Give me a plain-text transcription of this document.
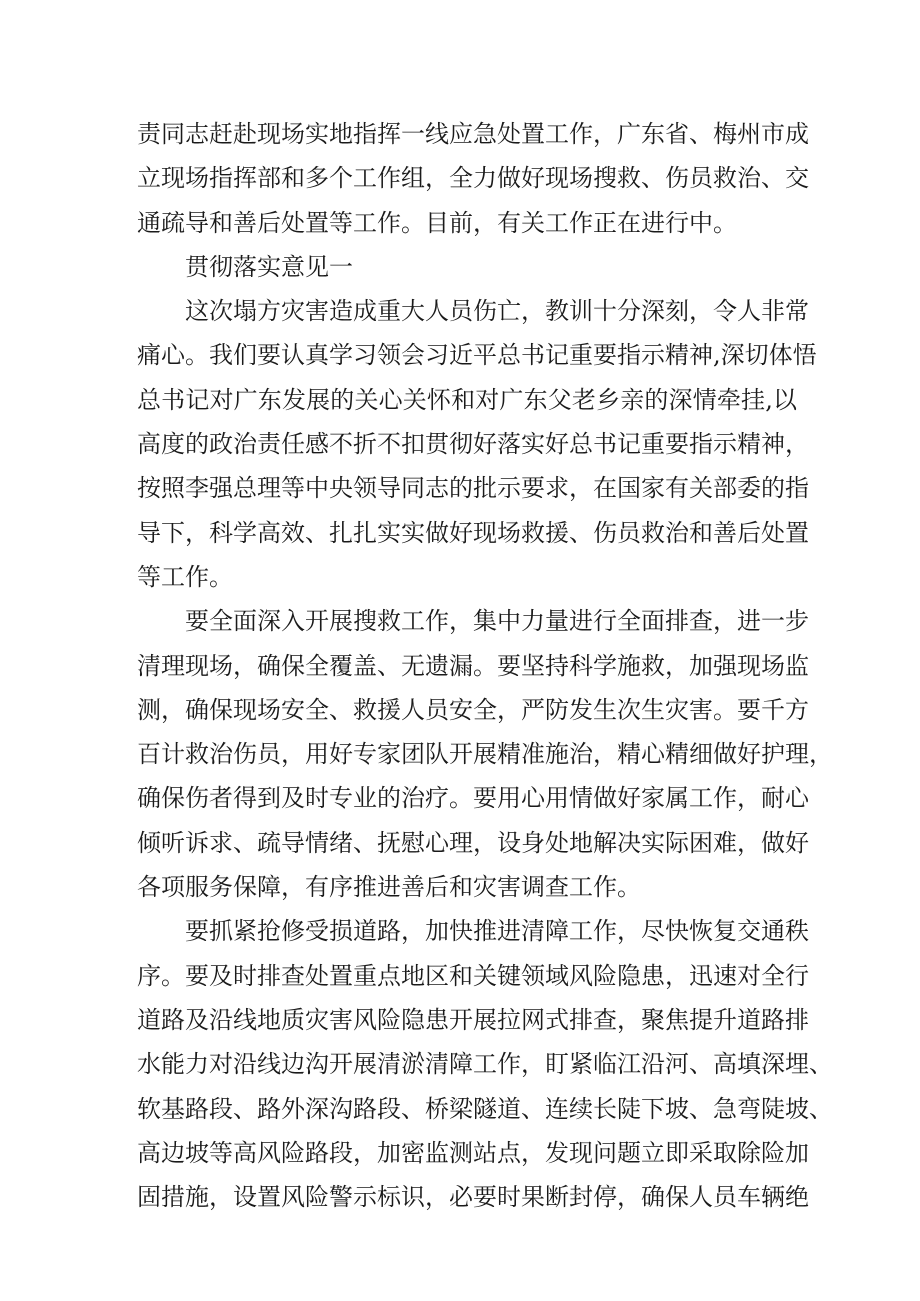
责同志赶赴现场实地指挥一线应急处置工作，广东省、梅州市成
立现场指挥部和多个工作组，全力做好现场搜救、伤员救治、交
通疏导和善后处置等工作。目前，有关工作正在进行中。
　　贯彻落实意见一
　　这次塌方灾害造成重大人员伤亡，教训十分深刻，令人非常
痛心。我们要认真学习领会习近平总书记重要指示精神,深切体悟
总书记对广东发展的关心关怀和对广东父老乡亲的深情牵挂,以
高度的政治责任感不折不扣贯彻好落实好总书记重要指示精神，
按照李强总理等中央领导同志的批示要求，在国家有关部委的指
导下，科学高效、扎扎实实做好现场救援、伤员救治和善后处置
等工作。
　　要全面深入开展搜救工作，集中力量进行全面排查，进一步
清理现场，确保全覆盖、无遗漏。要坚持科学施救，加强现场监
测，确保现场安全、救援人员安全，严防发生次生灾害。要千方
百计救治伤员，用好专家团队开展精准施治，精心精细做好护理，
确保伤者得到及时专业的治疗。要用心用情做好家属工作，耐心
倾听诉求、疏导情绪、抚慰心理，设身处地解决实际困难，做好
各项服务保障，有序推进善后和灾害调查工作。
　　要抓紧抢修受损道路，加快推进清障工作，尽快恢复交通秩
序。要及时排查处置重点地区和关键领域风险隐患，迅速对全行
道路及沿线地质灾害风险隐患开展拉网式排查，聚焦提升道路排
水能力对沿线边沟开展清淤清障工作，盯紧临江沿河、高填深埋、
软基路段、路外深沟路段、桥梁隧道、连续长陡下坡、急弯陡坡、
高边坡等高风险路段，加密监测站点，发现问题立即采取除险加
固措施，设置风险警示标识，必要时果断封停，确保人员车辆绝
